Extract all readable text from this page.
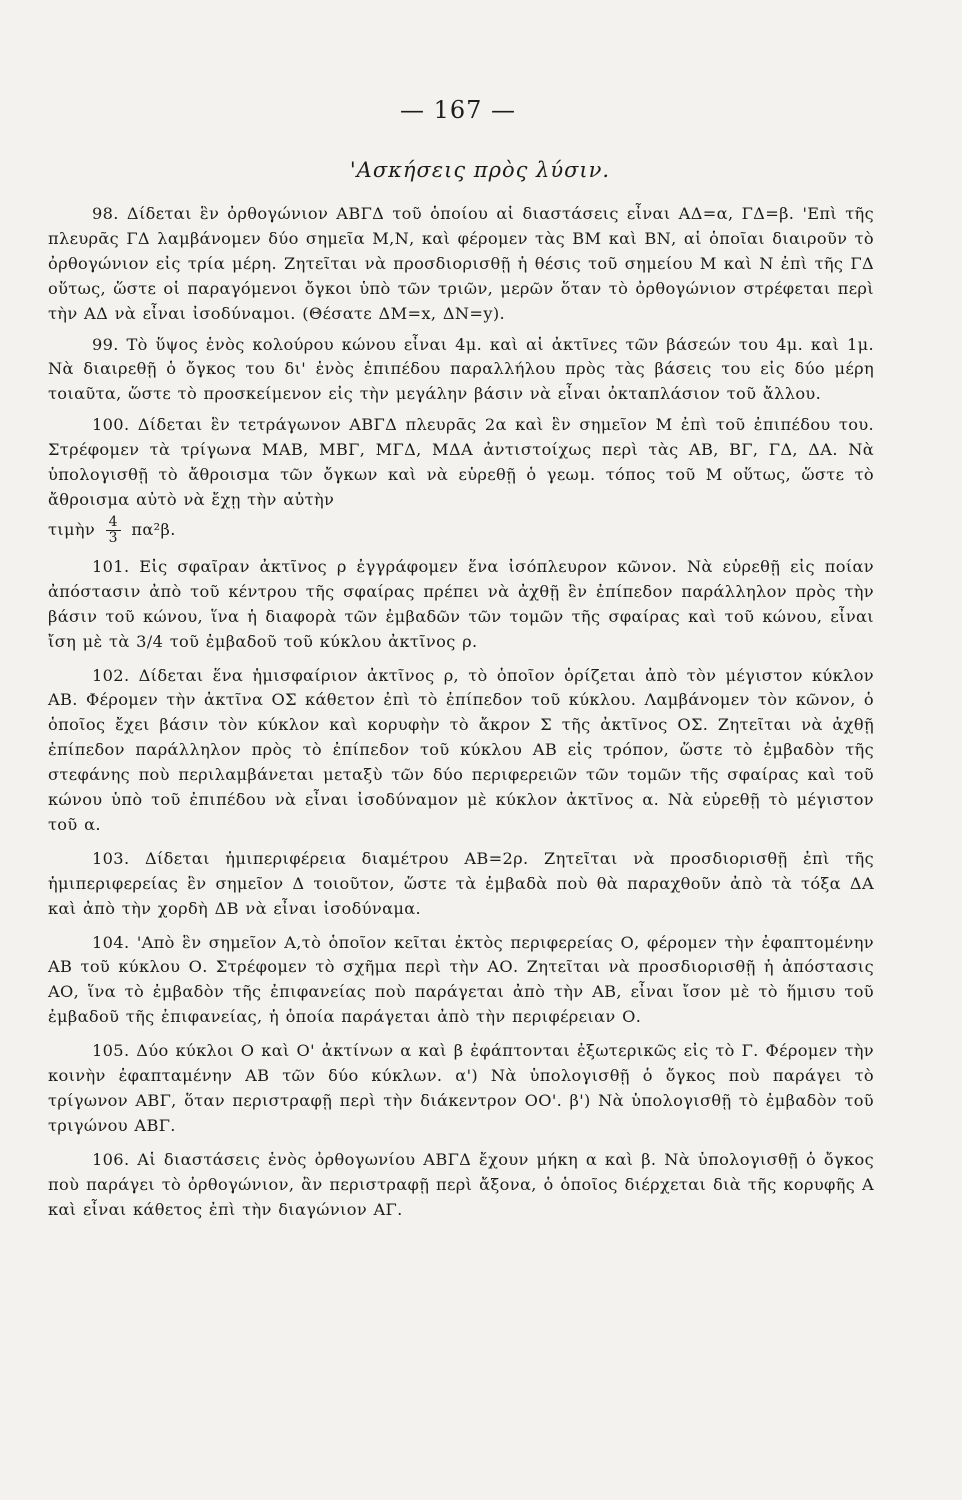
— 167 —
'Ασκήσεις πρὸς λύσιν.

98. Δίδεται ἓν ὀρθογώνιον ΑΒΓΔ τοῦ ὁποίου αἱ διαστάσεις εἶναι ΑΔ=α, ΓΔ=β. 'Επὶ τῆς πλευρᾶς ΓΔ λαμβάνομεν δύο σημεῖα Μ,Ν, καὶ φέρομεν τὰς ΒΜ καὶ ΒΝ, αἱ ὁποῖαι διαιροῦν τὸ ὀρθογώνιον εἰς τρία μέρη. Ζητεῖται νὰ προσδιορισθῇ ἡ θέσις τοῦ σημείου Μ καὶ Ν ἐπὶ τῆς ΓΔ οὕτως, ὥστε οἱ παραγόμενοι ὄγκοι ὑπὸ τῶν τριῶν, μερῶν ὅταν τὸ ὀρθογώνιον στρέφεται περὶ τὴν ΑΔ νὰ εἶναι ἰσοδύναμοι. (Θέσατε ΔΜ=x, ΔΝ=y).

99. Τὸ ὕψος ἑνὸς κολούρου κώνου εἶναι 4μ. καὶ αἱ ἀκτῖνες τῶν βάσεών του 4μ. καὶ 1μ. Νὰ διαιρεθῇ ὁ ὄγκος του δι' ἑνὸς ἐπιπέδου παραλλήλου πρὸς τὰς βάσεις του εἰς δύο μέρη τοιαῦτα, ὥστε τὸ προσκείμενον εἰς τὴν μεγάλην βάσιν νὰ εἶναι ὀκταπλάσιον τοῦ ἄλλου.

100. Δίδεται ἓν τετράγωνον ΑΒΓΔ πλευρᾶς 2α καὶ ἓν σημεῖον Μ ἐπὶ τοῦ ἐπιπέδου του. Στρέφομεν τὰ τρίγωνα ΜΑΒ, ΜΒΓ, ΜΓΔ, ΜΔΑ ἀντιστοίχως περὶ τὰς ΑΒ, ΒΓ, ΓΔ, ΔΑ. Νὰ ὑπολογισθῇ τὸ ἄθροισμα τῶν ὄγκων καὶ νὰ εὑρεθῇ ὁ γεωμ. τόπος τοῦ Μ οὕτως, ὥστε τὸ ἄθροισμα αὐτὸ νὰ ἔχῃ τὴν αὐτὴν
τιμὴν $\frac{4}{3} \pi\alpha^2\beta$.

101. Εἰς σφαῖραν ἀκτῖνος ρ ἐγγράφομεν ἕνα ἰσόπλευρον κῶνον. Νὰ εὑρεθῇ εἰς ποίαν ἀπόστασιν ἀπὸ τοῦ κέντρου τῆς σφαίρας πρέπει νὰ ἀχθῇ ἓν ἐπίπεδον παράλληλον πρὸς τὴν βάσιν τοῦ κώνου, ἵνα ἡ διαφορὰ τῶν ἐμβαδῶν τῶν τομῶν τῆς σφαίρας καὶ τοῦ κώνου, εἶναι ἴση μὲ τὰ 3/4 τοῦ ἐμβαδοῦ τοῦ κύκλου ἀκτῖνος ρ.

102. Δίδεται ἕνα ἡμισφαίριον ἀκτῖνος ρ, τὸ ὁποῖον ὁρίζεται ἀπὸ τὸν μέγιστον κύκλον ΑΒ. Φέρομεν τὴν ἀκτῖνα ΟΣ κάθετον ἐπὶ τὸ ἐπίπεδον τοῦ κύκλου. Λαμβάνομεν τὸν κῶνον, ὁ ὁποῖος ἔχει βάσιν τὸν κύκλον καὶ κορυφὴν τὸ ἄκρον Σ τῆς ἀκτῖνος ΟΣ. Ζητεῖται νὰ ἀχθῇ ἐπίπεδον παράλληλον πρὸς τὸ ἐπίπεδον τοῦ κύκλου ΑΒ εἰς τρόπον, ὥστε τὸ ἐμβαδὸν τῆς στεφάνης ποὺ περιλαμβάνεται μεταξὺ τῶν δύο περιφερειῶν τῶν τομῶν τῆς σφαίρας καὶ τοῦ κώνου ὑπὸ τοῦ ἐπιπέδου νὰ εἶναι ἰσοδύναμον μὲ κύκλον ἀκτῖνος α. Νὰ εὑρεθῇ τὸ μέγιστον τοῦ α.

103. Δίδεται ἡμιπεριφέρεια διαμέτρου ΑΒ=2ρ. Ζητεῖται νὰ προσδιορισθῇ ἐπὶ τῆς ἡμιπεριφερείας ἓν σημεῖον Δ τοιοῦτον, ὥστε τὰ ἐμβαδὰ ποὺ θὰ παραχθοῦν ἀπὸ τὰ τόξα ΔΑ καὶ ἀπὸ τὴν χορδὴ ΔΒ νὰ εἶναι ἰσοδύναμα.

104. 'Απὸ ἓν σημεῖον Α,τὸ ὁποῖον κεῖται ἐκτὸς περιφερείας Ο, φέρομεν τὴν ἐφαπτομένην ΑΒ τοῦ κύκλου Ο. Στρέφομεν τὸ σχῆμα περὶ τὴν ΑΟ. Ζητεῖται νὰ προσδιορισθῇ ἡ ἀπόστασις ΑΟ, ἵνα τὸ ἐμβαδὸν τῆς ἐπιφανείας ποὺ παράγεται ἀπὸ τὴν ΑΒ, εἶναι ἴσον μὲ τὸ ἥμισυ τοῦ ἐμβαδοῦ τῆς ἐπιφανείας, ἡ ὁποία παράγεται ἀπὸ τὴν περιφέρειαν Ο.

105. Δύο κύκλοι Ο καὶ Ο' ἀκτίνων α καὶ β ἐφάπτονται ἐξωτερικῶς εἰς τὸ Γ. Φέρομεν τὴν κοινὴν ἐφαπταμένην ΑΒ τῶν δύο κύκλων. α') Νὰ ὑπολογισθῇ ὁ ὄγκος ποὺ παράγει τὸ τρίγωνον ΑΒΓ, ὅταν περιστραφῇ περὶ τὴν διάκεντρον ΟΟ'. β') Νὰ ὑπολογισθῇ τὸ ἐμβαδὸν τοῦ τριγώνου ΑΒΓ.

106. Αἱ διαστάσεις ἑνὸς ὀρθογωνίου ΑΒΓΔ ἔχουν μήκη α καὶ β. Νὰ ὑπολογισθῇ ὁ ὄγκος ποὺ παράγει τὸ ὀρθογώνιον, ἂν περιστραφῇ περὶ ἄξονα, ὁ ὁποῖος διέρχεται διὰ τῆς κορυφῆς Α καὶ εἶναι κάθετος ἐπὶ τὴν διαγώνιον ΑΓ.
